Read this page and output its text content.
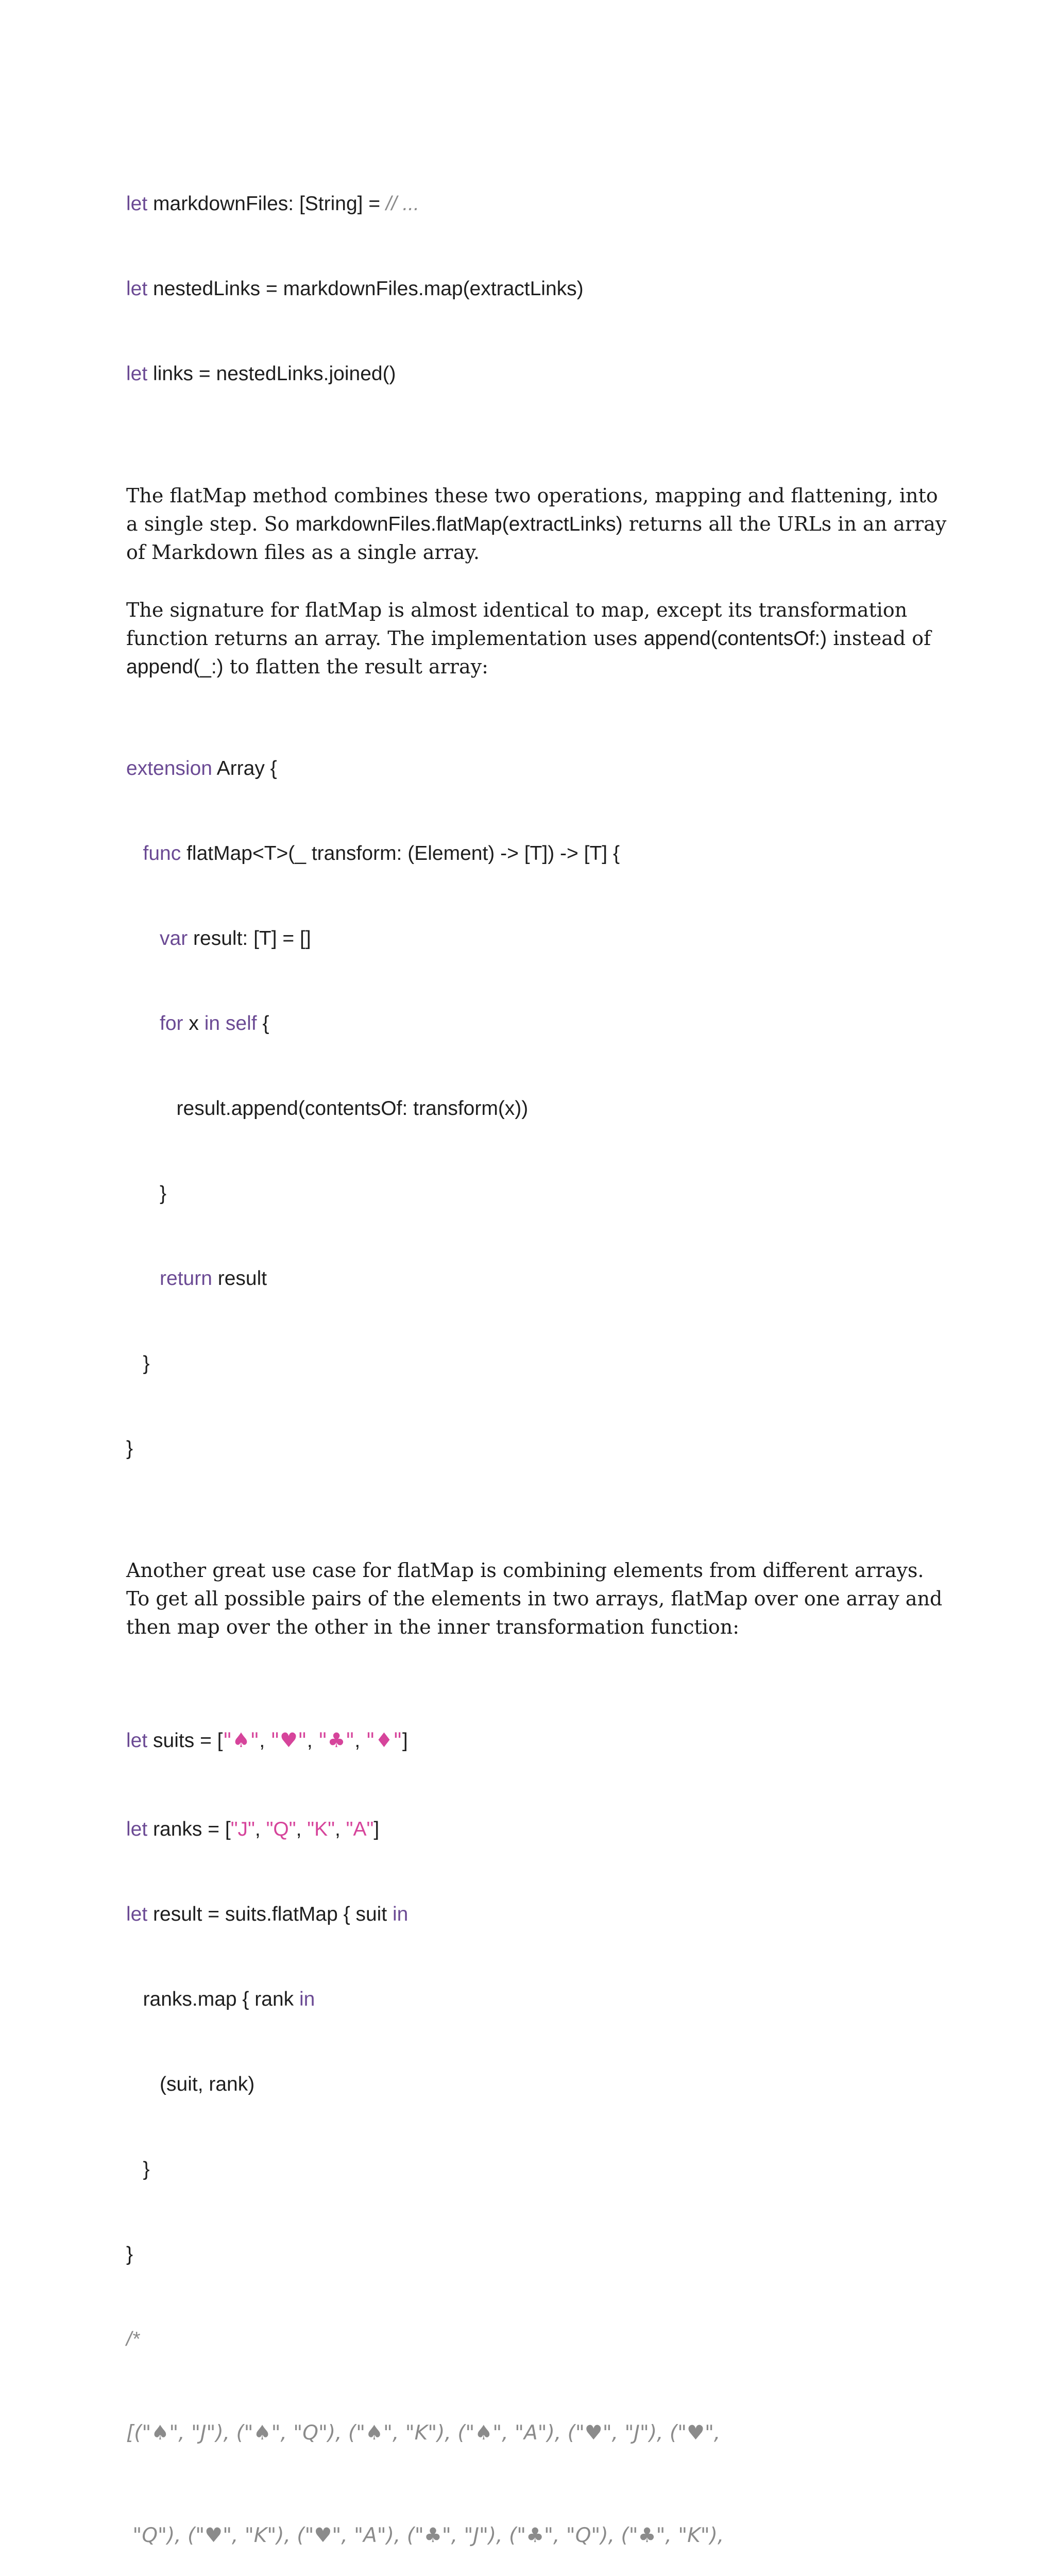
let markdownFiles: [String] = // ...

let nestedLinks = markdownFiles.map(extractLinks)

let links = nestedLinks.joined()

The flatMap method combines these two operations, mapping and flattening, into a single step. So markdownFiles.flatMap(extractLinks) returns all the URLs in an array of Markdown files as a single array.

The signature for flatMap is almost identical to map, except its transformation function returns an array. The implementation uses append(contentsOf:) instead of append(_:) to flatten the result array:

extension Array {

func flatMap<T>(_ transform: (Element) -> [T]) -> [T] {

var result: [T] = []

for x in self {

result.append(contentsOf: transform(x))

}

return result

}

}

Another great use case for flatMap is combining elements from different arrays. To get all possible pairs of the elements in two arrays, flatMap over one array and then map over the other in the inner transformation function:

let suits = ["♠", "♥", "♣", "♦"]

let ranks = ["J", "Q", "K", "A"]

let result = suits.flatMap { suit in

ranks.map { rank in

(suit, rank)

}

}

/*

[("♠", "J"), ("♠", "Q"), ("♠", "K"), ("♠", "A"), ("♥", "J"), ("♥",

"Q"), ("♥", "K"), ("♥", "A"), ("♣", "J"), ("♣", "Q"), ("♣", "K"),
